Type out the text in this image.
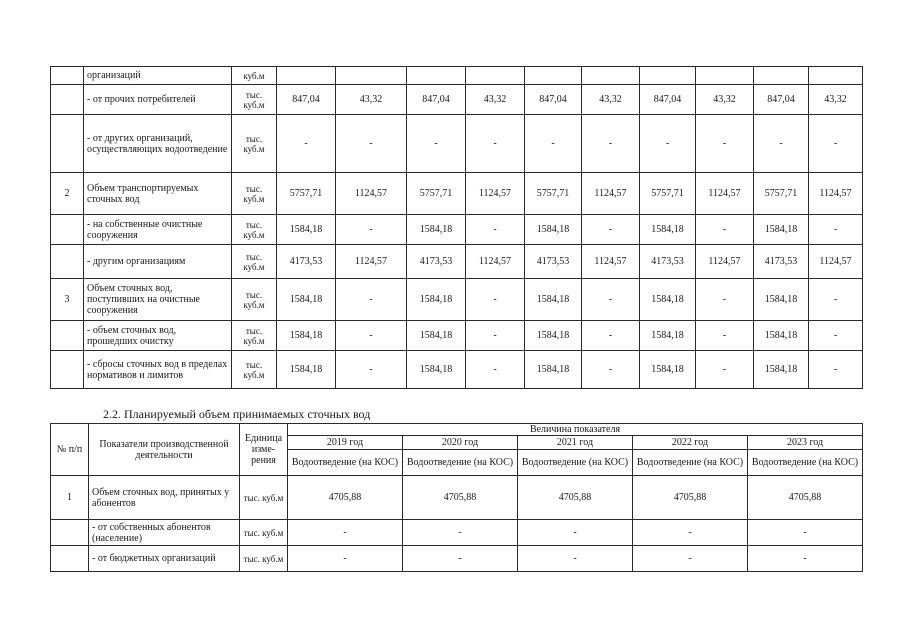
	организаций	куб.м										
	- от прочих потребителей	тыс. куб.м	847,04	43,32	847,04	43,32	847,04	43,32	847,04	43,32	847,04	43,32
	- от других организаций, осуществляющих водоотведение	тыс. куб.м	-	-	-	-	-	-	-	-	-	-
2	Объем транспортируемых сточных вод	тыс. куб.м	5757,71	1124,57	5757,71	1124,57	5757,71	1124,57	5757,71	1124,57	5757,71	1124,57
	- на собственные очистные сооружения	тыс. куб.м	1584,18	-	1584,18	-	1584,18	-	1584,18	-	1584,18	-
	- другим организациям	тыс. куб.м	4173,53	1124,57	4173,53	1124,57	4173,53	1124,57	4173,53	1124,57	4173,53	1124,57
3	Объем сточных вод, поступивших на очистные сооружения	тыс. куб.м	1584,18	-	1584,18	-	1584,18	-	1584,18	-	1584,18	-
	- объем сточных вод, прошедших очистку	тыс. куб.м	1584,18	-	1584,18	-	1584,18	-	1584,18	-	1584,18	-
	- сбросы сточных вод в пределах нормативов и лимитов	тыс. куб.м	1584,18	-	1584,18	-	1584,18	-	1584,18	-	1584,18	-
2.2. Планируемый объем принимаемых сточных вод
№ п/п	Показатели производственной деятельности	Единица изме-рения	Величина показателя				
			2019 год	2020 год	2021 год	2022 год	2023 год
			Водоотведение (на КОС)	Водоотведение (на КОС)	Водоотведение (на КОС)	Водоотведение (на КОС)	Водоотведение (на КОС)
1	Объем сточных вод, принятых у абонентов	тыс. куб.м	4705,88	4705,88	4705,88	4705,88	4705,88
	- от собственных абонентов (население)	тыс. куб.м	-	-	-	-	-
	- от бюджетных организаций	тыс. куб.м	-	-	-	-	-
